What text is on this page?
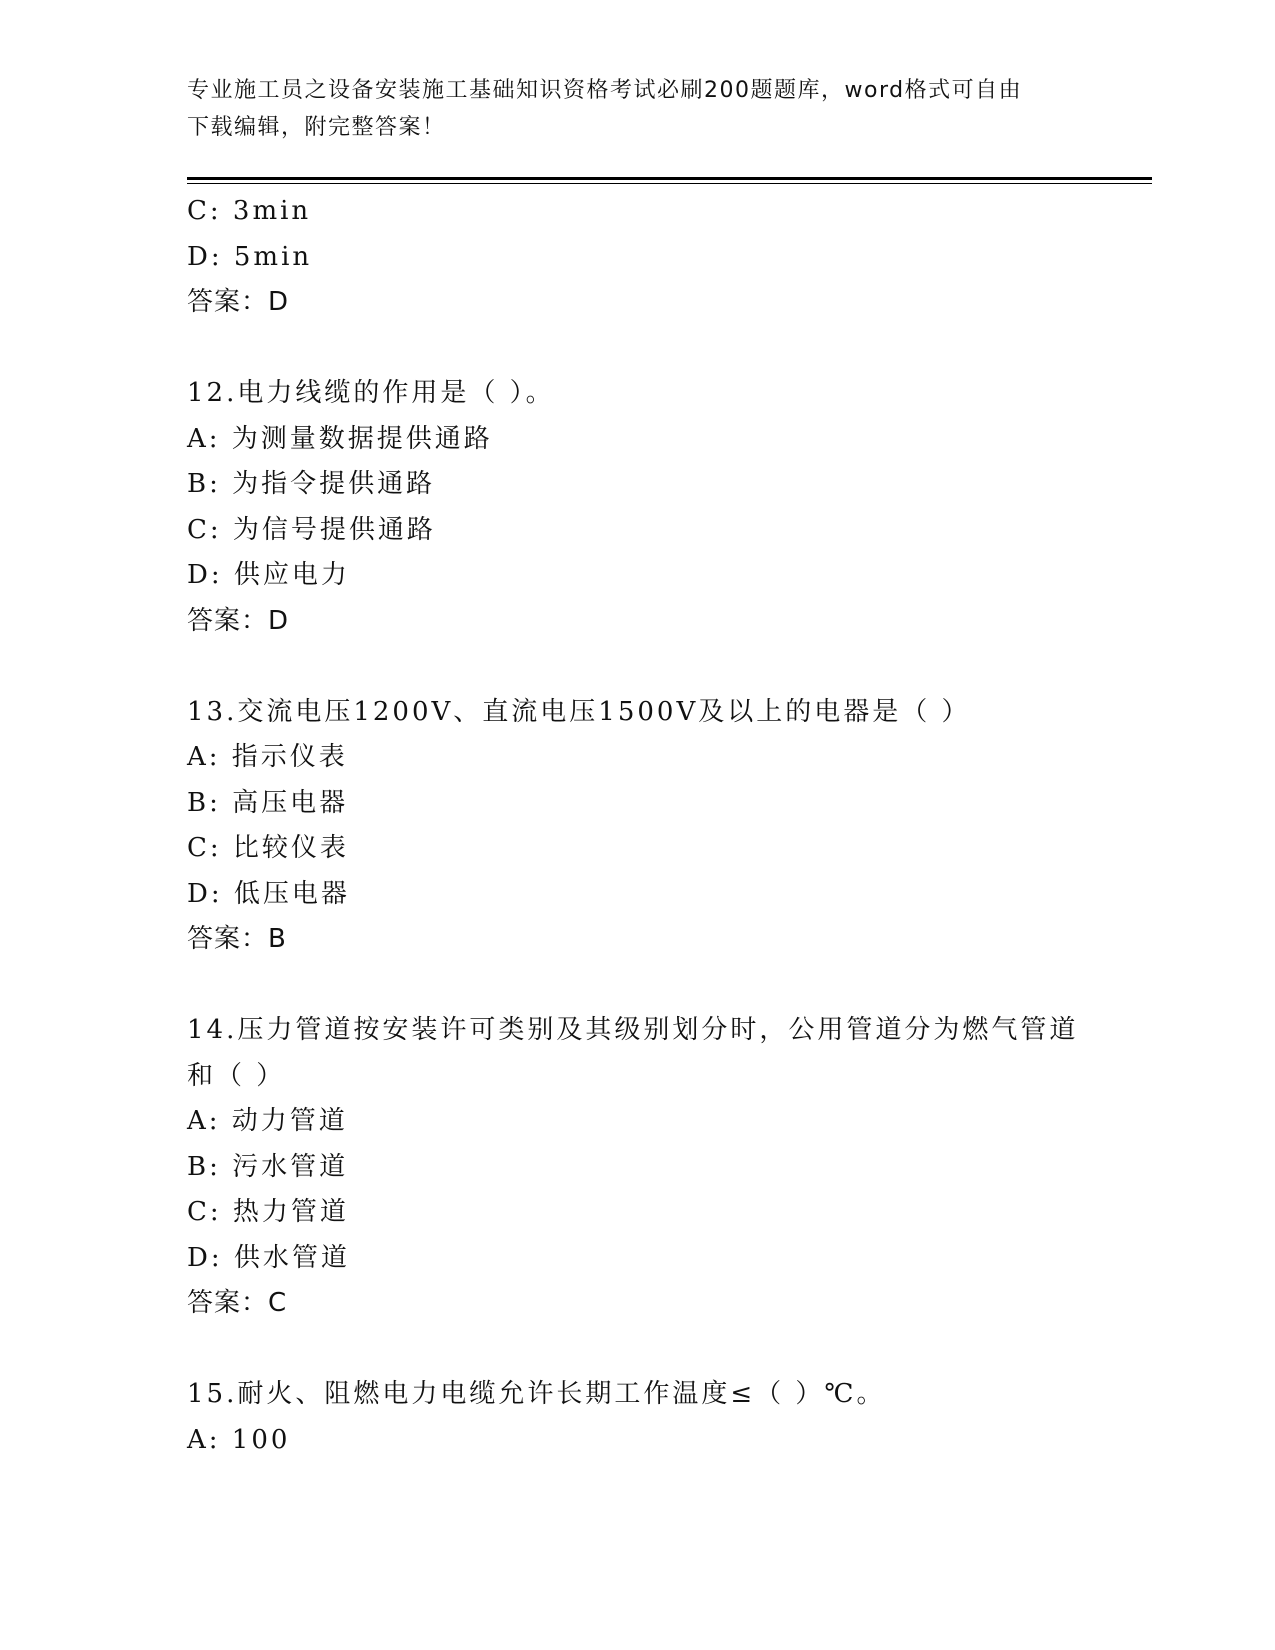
专业施工员之设备安装施工基础知识资格考试必刷200题题库，word格式可自由
下载编辑，附完整答案！
C: 3min
D: 5min
答案：D
12.电力线缆的作用是（ ）。
A: 为测量数据提供通路
B: 为指令提供通路
C: 为信号提供通路
D: 供应电力
答案：D
13.交流电压1200V、直流电压1500V及以上的电器是（ ）
A: 指示仪表
B: 高压电器
C: 比较仪表
D: 低压电器
答案：B
14.压力管道按安装许可类别及其级别划分时，公用管道分为燃气管道
和（ ）
A: 动力管道
B: 污水管道
C: 热力管道
D: 供水管道
答案：C
15.耐火、阻燃电力电缆允许长期工作温度≤（ ）℃。
A: 100
